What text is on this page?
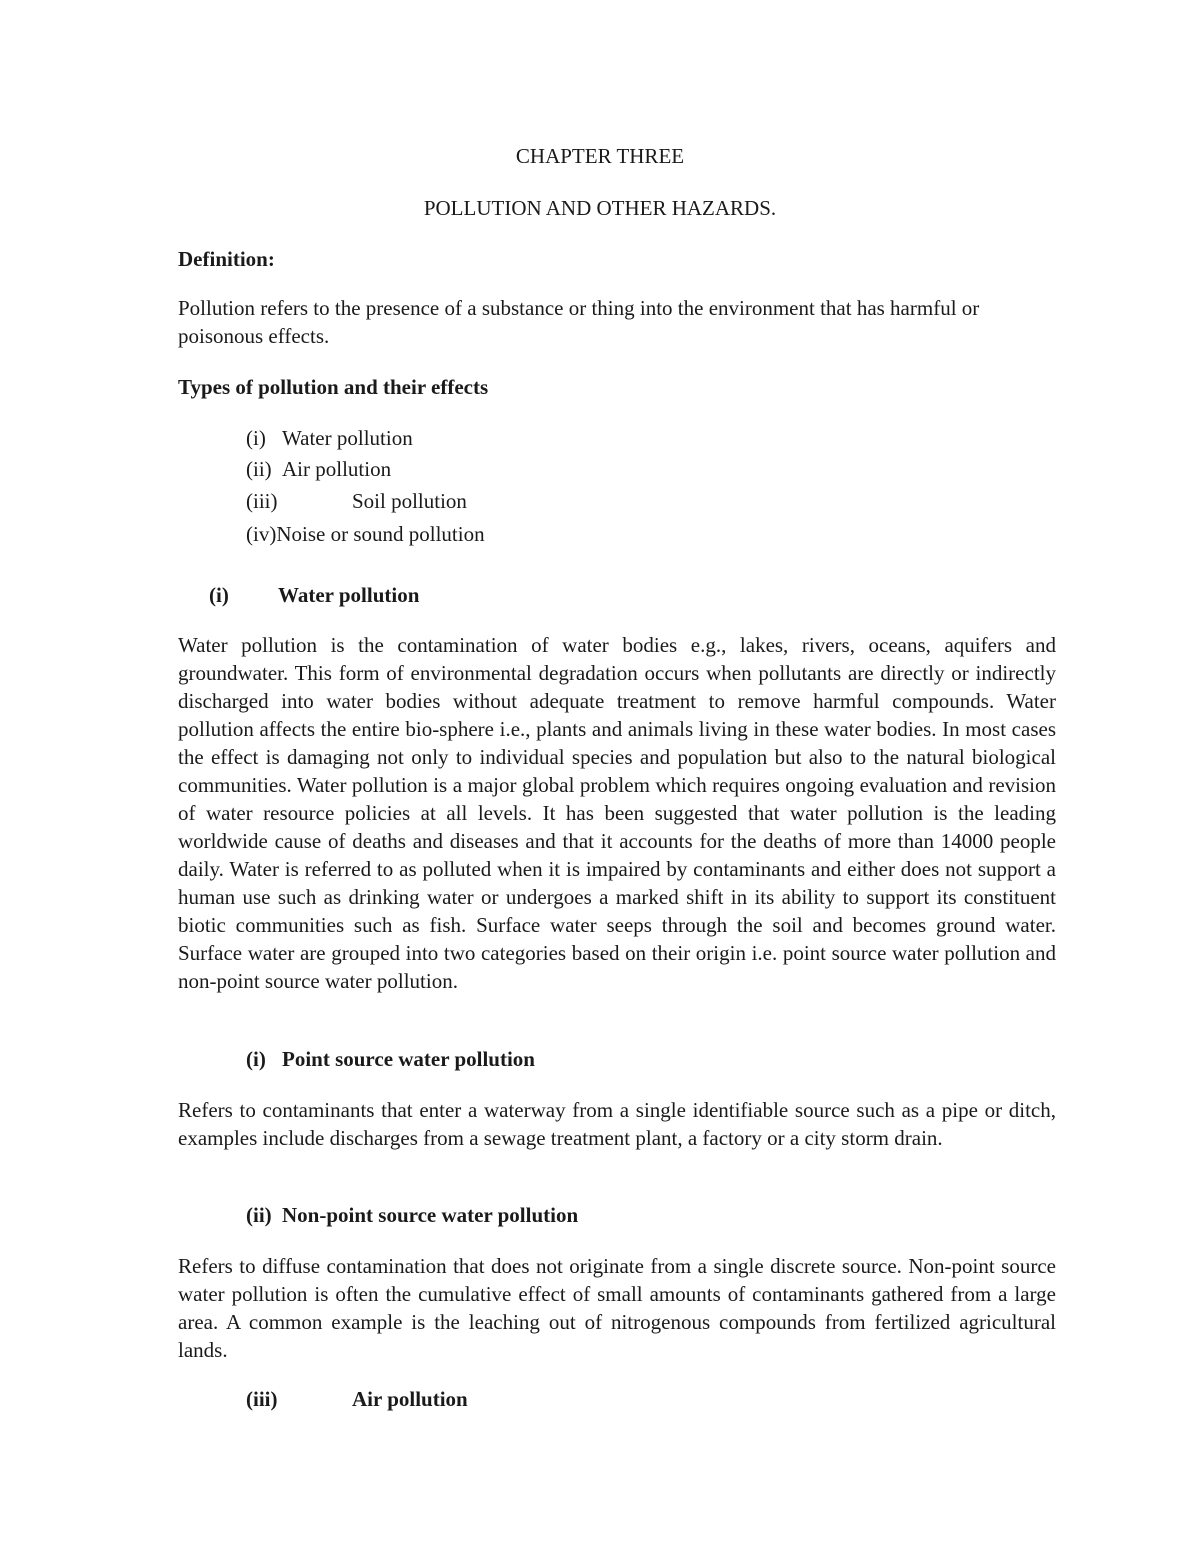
CHAPTER THREE
POLLUTION AND OTHER HAZARDS.
Definition:

Pollution refers to the presence of a substance or thing into the environment that has harmful or poisonous effects.

Types of pollution and their effects
(i) Water pollution
(ii) Air pollution
(iii)	Soil pollution
(iv)Noise or sound pollution
(i) Water pollution

Water pollution is the contamination of water bodies e.g., lakes, rivers, oceans, aquifers and groundwater. This form of environmental degradation occurs when pollutants are directly or indirectly discharged into water bodies without adequate treatment to remove harmful compounds. Water pollution affects the entire bio-sphere i.e., plants and animals living in these water bodies. In most cases the effect is damaging not only to individual species and population but also to the natural biological communities. Water pollution is a major global problem which requires ongoing evaluation and revision of water resource policies at all levels. It has been suggested that water pollution is the leading worldwide cause of deaths and diseases and that it accounts for the deaths of more than 14000 people daily. Water is referred to as polluted when it is impaired by contaminants and either does not support a human use such as drinking water or undergoes a marked shift in its ability to support its constituent biotic communities such as fish. Surface water seeps through the soil and becomes ground water. Surface water are grouped into two categories based on their origin i.e. point source water pollution and non-point source water pollution.

(i) Point source water pollution

Refers to contaminants that enter a waterway from a single identifiable source such as a pipe or ditch, examples include discharges from a sewage treatment plant, a factory or a city storm drain.

(ii) Non-point source water pollution

Refers to diffuse contamination that does not originate from a single discrete source. Non-point source water pollution is often the cumulative effect of small amounts of contaminants gathered from a large area. A common example is the leaching out of nitrogenous compounds from fertilized agricultural lands.

(iii)	Air pollution
